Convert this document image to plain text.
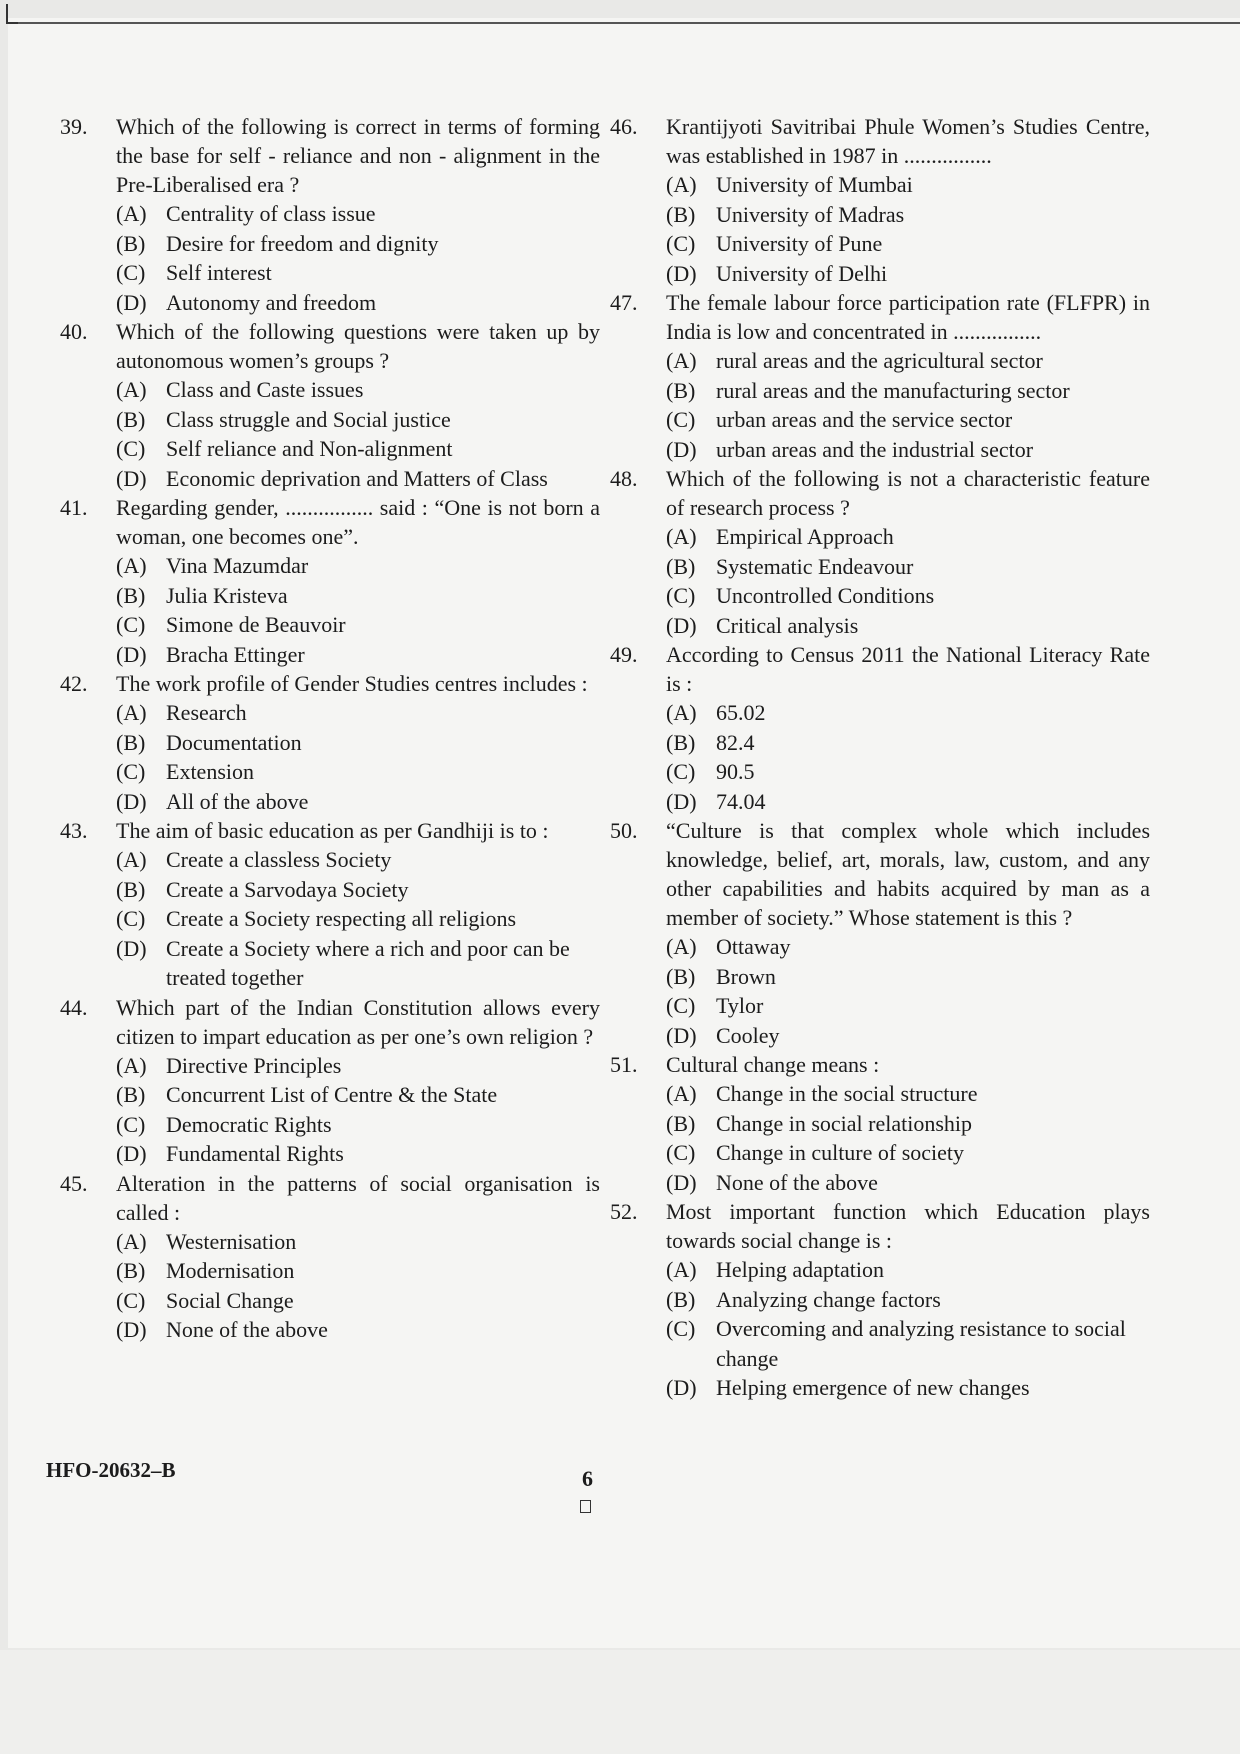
39. Which of the following is correct in terms of forming the base for self - reliance and non - alignment in the Pre-Liberalised era ?
(A) Centrality of class issue
(B) Desire for freedom and dignity
(C) Self interest
(D) Autonomy and freedom
40. Which of the following questions were taken up by autonomous women’s groups ?
(A) Class and Caste issues
(B) Class struggle and Social justice
(C) Self reliance and Non-alignment
(D) Economic deprivation and Matters of Class
41. Regarding gender, ................ said : “One is not born a woman, one becomes one”.
(A) Vina Mazumdar
(B) Julia Kristeva
(C) Simone de Beauvoir
(D) Bracha Ettinger
42. The work profile of Gender Studies centres includes :
(A) Research
(B) Documentation
(C) Extension
(D) All of the above
43. The aim of basic education as per Gandhiji is to :
(A) Create a classless Society
(B) Create a Sarvodaya Society
(C) Create a Society respecting all religions
(D) Create a Society where a rich and poor can be treated together
44. Which part of the Indian Constitution allows every citizen to impart education as per one’s own religion ?
(A) Directive Principles
(B) Concurrent List of Centre & the State
(C) Democratic Rights
(D) Fundamental Rights
45. Alteration in the patterns of social organisation is called :
(A) Westernisation
(B) Modernisation
(C) Social Change
(D) None of the above
46. Krantijyoti Savitribai Phule Women’s Studies Centre, was established in 1987 in ................
(A) University of Mumbai
(B) University of Madras
(C) University of Pune
(D) University of Delhi
47. The female labour force participation rate (FLFPR) in India is low and concentrated in ................
(A) rural areas and the agricultural sector
(B) rural areas and the manufacturing sector
(C) urban areas and the service sector
(D) urban areas and the industrial sector
48. Which of the following is not a characteristic feature of research process ?
(A) Empirical Approach
(B) Systematic Endeavour
(C) Uncontrolled Conditions
(D) Critical analysis
49. According to Census 2011 the National Literacy Rate is :
(A) 65.02
(B) 82.4
(C) 90.5
(D) 74.04
50. “Culture is that complex whole which includes knowledge, belief, art, morals, law, custom, and any other capabilities and habits acquired by man as a member of society.” Whose statement is this ?
(A) Ottaway
(B) Brown
(C) Tylor
(D) Cooley
51. Cultural change means :
(A) Change in the social structure
(B) Change in social relationship
(C) Change in culture of society
(D) None of the above
52. Most important function which Education plays towards social change is :
(A) Helping adaptation
(B) Analyzing change factors
(C) Overcoming and analyzing resistance to social change
(D) Helping emergence of new changes
HFO-20632–B	6
